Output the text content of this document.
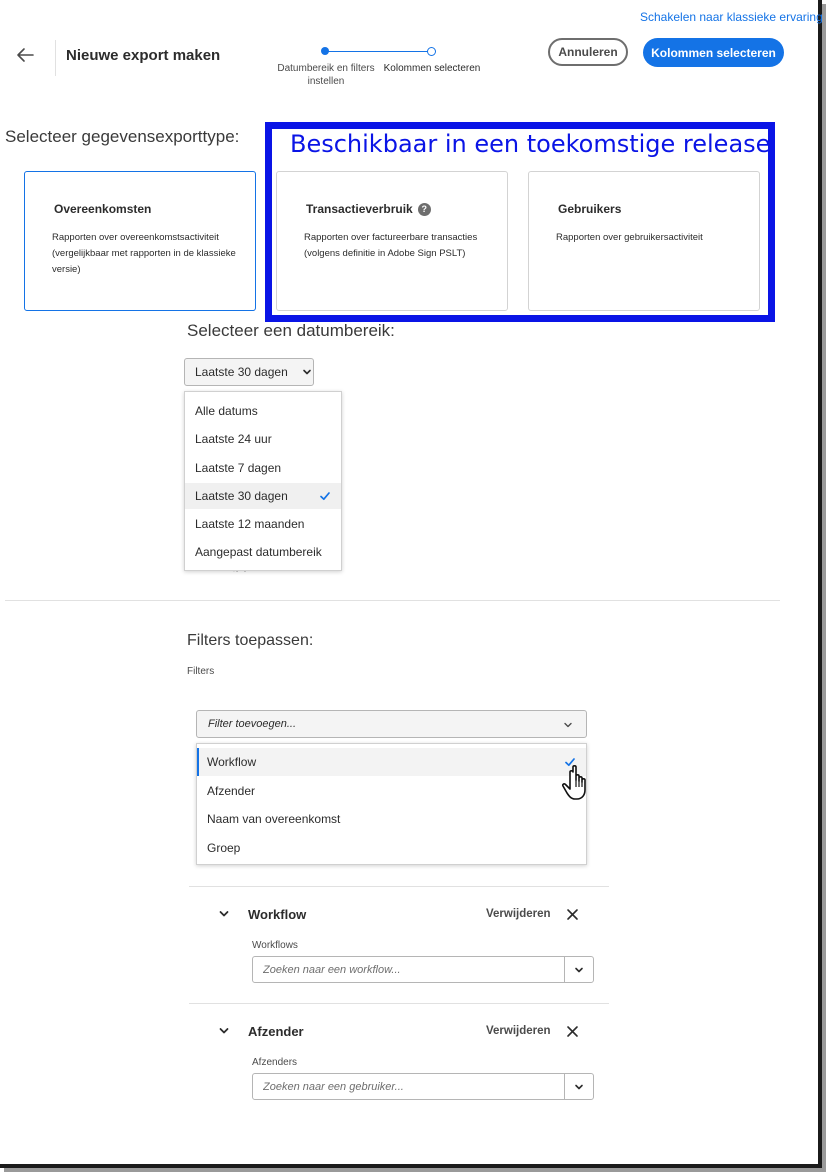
Schakelen naar klassieke ervaring
Nieuwe export maken
Datumbereik en filters instellen
Kolommen selecteren
Annuleren	Kolommen selecteren
Selecteer gegevensexporttype:
Overeenkomsten
Rapporten over overeenkomstsactiviteit (vergelijkbaar met rapporten in de klassieke versie)
Transactieverbruik ?
Rapporten over factureerbare transacties (volgens definitie in Adobe Sign PSLT)
Gebruikers
Rapporten over gebruikersactiviteit
Beschikbaar in een toekomstige release
Selecteer een datumbereik:
Laatste 30 dagen
Alle datums
Laatste 24 uur
Laatste 7 dagen
Laatste 30 dagen
Laatste 12 maanden
Aangepast datumbereik
Filters toepassen:
Filters
Filter toevoegen...
Workflow
Afzender
Naam van overeenkomst
Groep
Workflow	Verwijderen
Workflows
Zoeken naar een workflow...
Afzender	Verwijderen
Afzenders
Zoeken naar een gebruiker...
